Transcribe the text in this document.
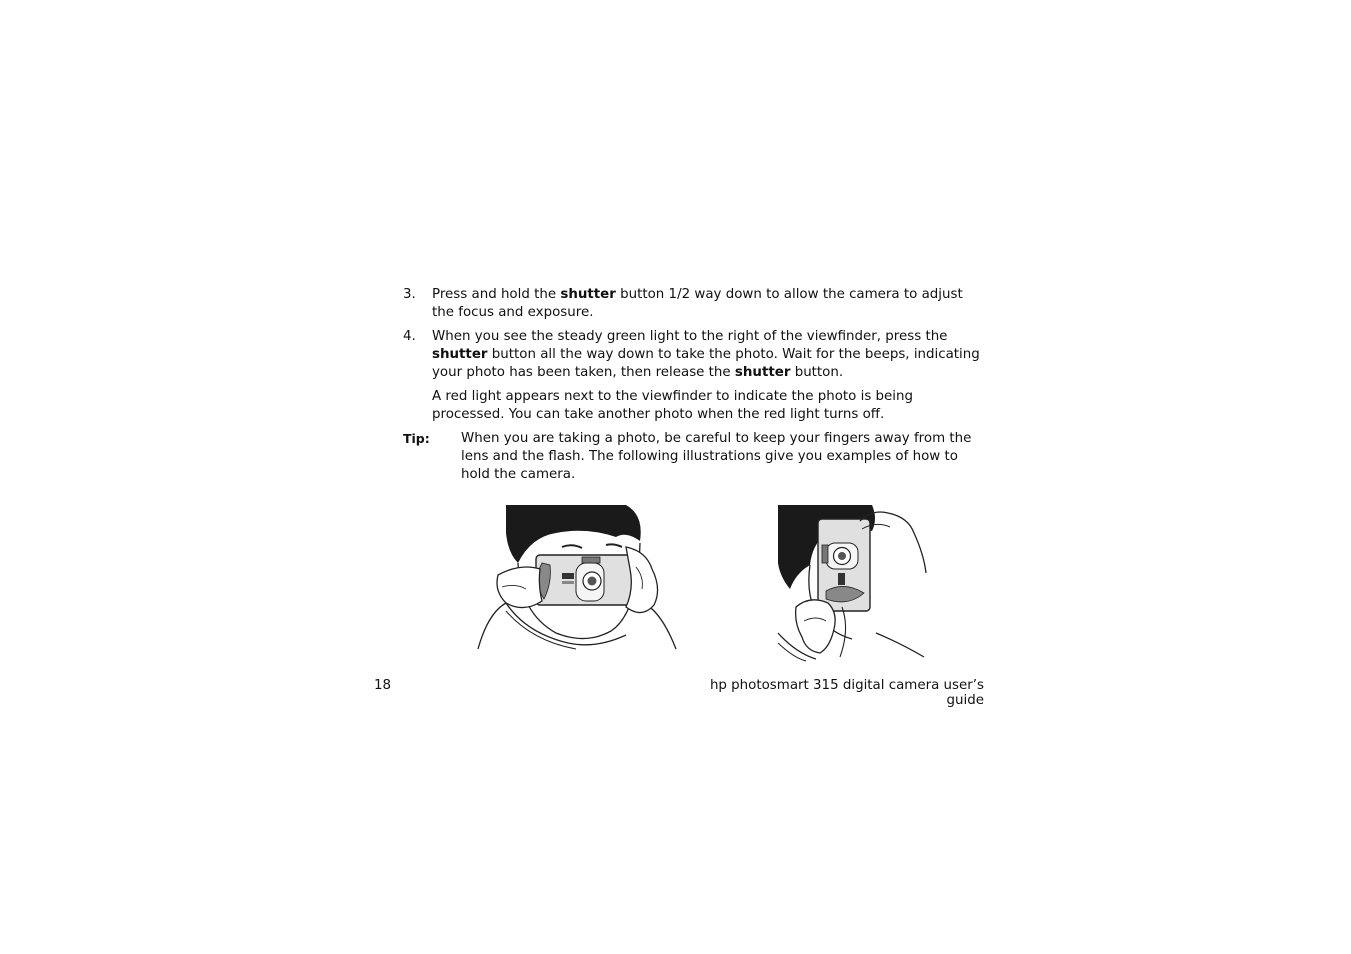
3. Press and hold the shutter button 1/2 way down to allow the camera to adjust the focus and exposure.
4. When you see the steady green light to the right of the viewfinder, press the shutter button all the way down to take the photo. Wait for the beeps, indicating your photo has been taken, then release the shutter button.
A red light appears next to the viewfinder to indicate the photo is being processed. You can take another photo when the red light turns off.
Tip: When you are taking a photo, be careful to keep your fingers away from the lens and the flash. The following illustrations give you examples of how to hold the camera.
18	hp photosmart 315 digital camera user’s guide
